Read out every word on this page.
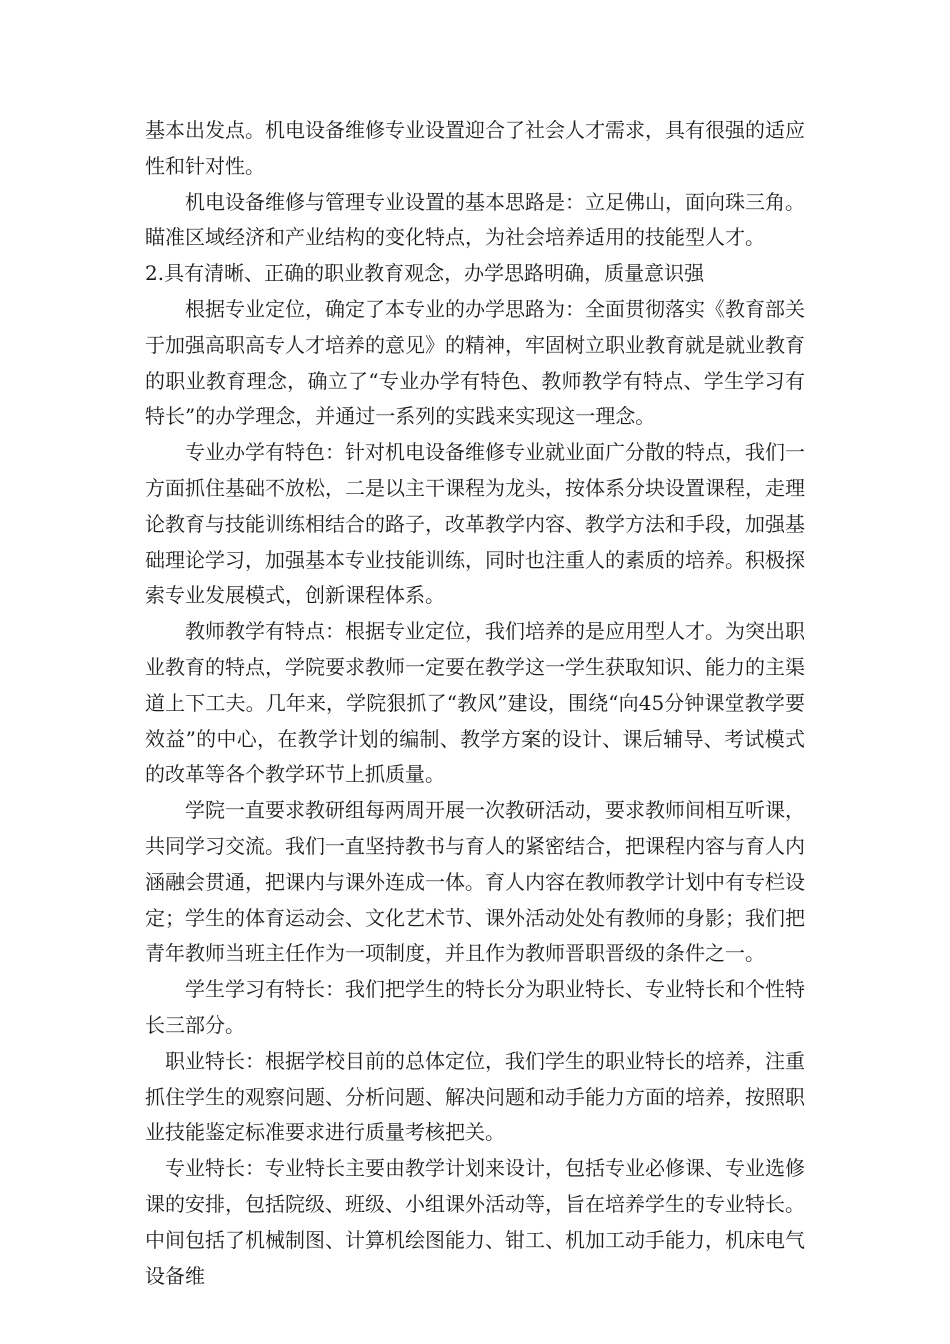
基本出发点。机电设备维修专业设置迎合了社会人才需求，具有很强的适应性和针对性。

机电设备维修与管理专业设置的基本思路是：立足佛山，面向珠三角。瞄准区域经济和产业结构的变化特点，为社会培养适用的技能型人才。

2.具有清晰、正确的职业教育观念，办学思路明确，质量意识强

根据专业定位，确定了本专业的办学思路为：全面贯彻落实《教育部关于加强高职高专人才培养的意见》的精神，牢固树立职业教育就是就业教育的职业教育理念，确立了“专业办学有特色、教师教学有特点、学生学习有特长”的办学理念，并通过一系列的实践来实现这一理念。

专业办学有特色：针对机电设备维修专业就业面广分散的特点，我们一方面抓住基础不放松，二是以主干课程为龙头，按体系分块设置课程，走理论教育与技能训练相结合的路子，改革教学内容、教学方法和手段，加强基础理论学习，加强基本专业技能训练，同时也注重人的素质的培养。积极探索专业发展模式，创新课程体系。

教师教学有特点：根据专业定位，我们培养的是应用型人才。为突出职业教育的特点，学院要求教师一定要在教学这一学生获取知识、能力的主渠道上下工夫。几年来，学院狠抓了“教风”建设，围绕“向45分钟课堂教学要效益”的中心，在教学计划的编制、教学方案的设计、课后辅导、考试模式的改革等各个教学环节上抓质量。

学院一直要求教研组每两周开展一次教研活动，要求教师间相互听课，共同学习交流。我们一直坚持教书与育人的紧密结合，把课程内容与育人内涵融会贯通，把课内与课外连成一体。育人内容在教师教学计划中有专栏设定；学生的体育运动会、文化艺术节、课外活动处处有教师的身影；我们把青年教师当班主任作为一项制度，并且作为教师晋职晋级的条件之一。

学生学习有特长：我们把学生的特长分为职业特长、专业特长和个性特长三部分。

职业特长：根据学校目前的总体定位，我们学生的职业特长的培养，注重抓住学生的观察问题、分析问题、解决问题和动手能力方面的培养，按照职业技能鉴定标准要求进行质量考核把关。

专业特长：专业特长主要由教学计划来设计，包括专业必修课、专业选修课的安排，包括院级、班级、小组课外活动等，旨在培养学生的专业特长。中间包括了机械制图、计算机绘图能力、钳工、机加工动手能力，机床电气设备维
